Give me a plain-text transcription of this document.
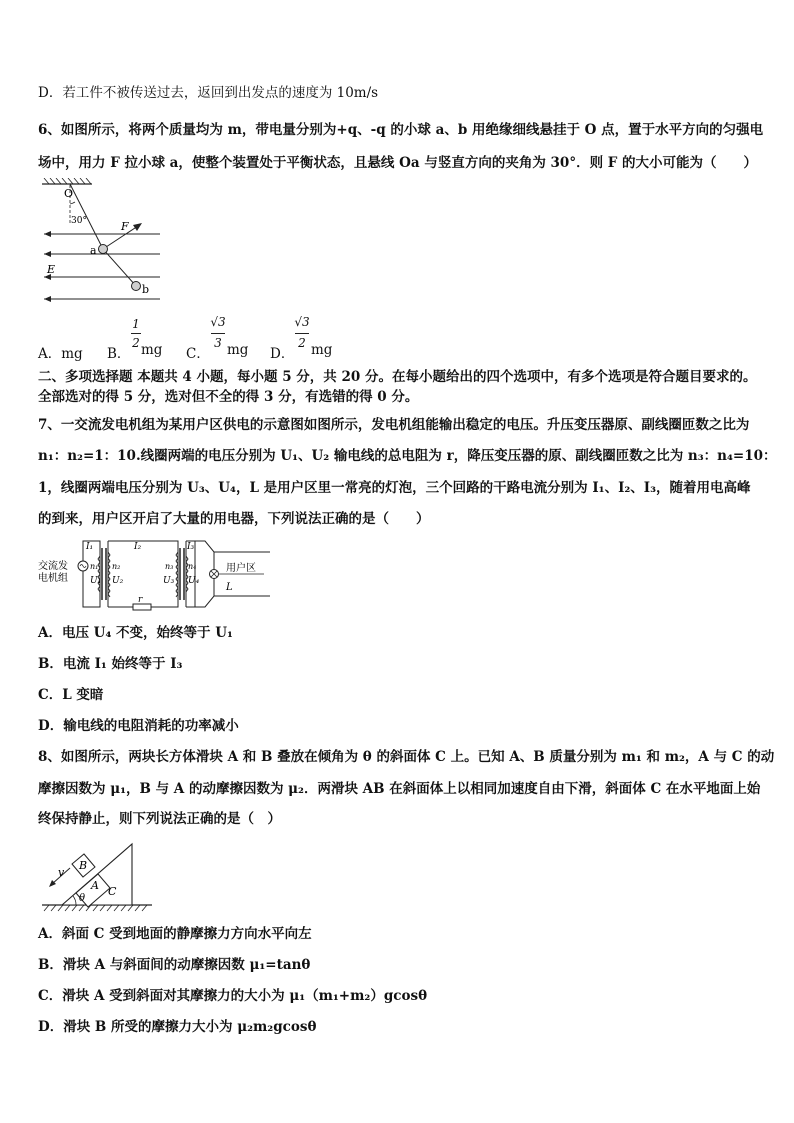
D．若工件不被传送过去，返回到出发点的速度为 10m/s
6、如图所示，将两个质量均为 m，带电量分别为+q、-q 的小球 a、b 用绝缘细线悬挂于 O 点，置于水平方向的匀强电
场中，用力 F 拉小球 a，使整个装置处于平衡状态，且悬线 Oa 与竖直方向的夹角为 30°．则 F 的大小可能为（　　）
O
30°	F
a
b
E
A．mg B．
1
2 mg C．
√3
3 mg D．
√3
2 mg
二、多项选择题 本题共 4 小题，每小题 5 分，共 20 分。在每小题给出的四个选项中，有多个选项是符合题目要求的。
全部选对的得 5 分，选对但不全的得 3 分，有选错的得 0 分。
7、一交流发电机组为某用户区供电的示意图如图所示，发电机组能输出稳定的电压。升压变压器原、副线圈匝数之比为
n₁：n₂=1：10.线圈两端的电压分别为 U₁、U₂ 输电线的总电阻为 r，降压变压器的原、副线圈匝数之比为 n₃：n₄=10：
1，线圈两端电压分别为 U₃、U₄，L 是用户区里一常亮的灯泡，三个回路的干路电流分别为 I₁、I₂、I₃，随着用电高峰
的到来，用户区开启了大量的用电器，下列说法正确的是（　　）
I₁	I₂	I₃
交流发
电机组
n₁
U₁
n₂
U₂
n₃
U₃
n₄
U₄
r
用户区
L
A．电压 U₄ 不变，始终等于 U₁
B．电流 I₁ 始终等于 I₃
C．L 变暗
D．输电线的电阻消耗的功率减小
8、如图所示，两块长方体滑块 A 和 B 叠放在倾角为 θ 的斜面体 C 上。已知 A、B 质量分别为 m₁ 和 m₂，A 与 C 的动
摩擦因数为 μ₁，B 与 A 的动摩擦因数为 μ₂．两滑块 AB 在斜面体上以相同加速度自由下滑，斜面体 C 在水平地面上始
终保持静止，则下列说法正确的是（　）
B
A C
v
θ
A．斜面 C 受到地面的静摩擦力方向水平向左
B．滑块 A 与斜面间的动摩擦因数 μ₁=tanθ
C．滑块 A 受到斜面对其摩擦力的大小为 μ₁（m₁+m₂）gcosθ
D．滑块 B 所受的摩擦力大小为 μ₂m₂gcosθ
